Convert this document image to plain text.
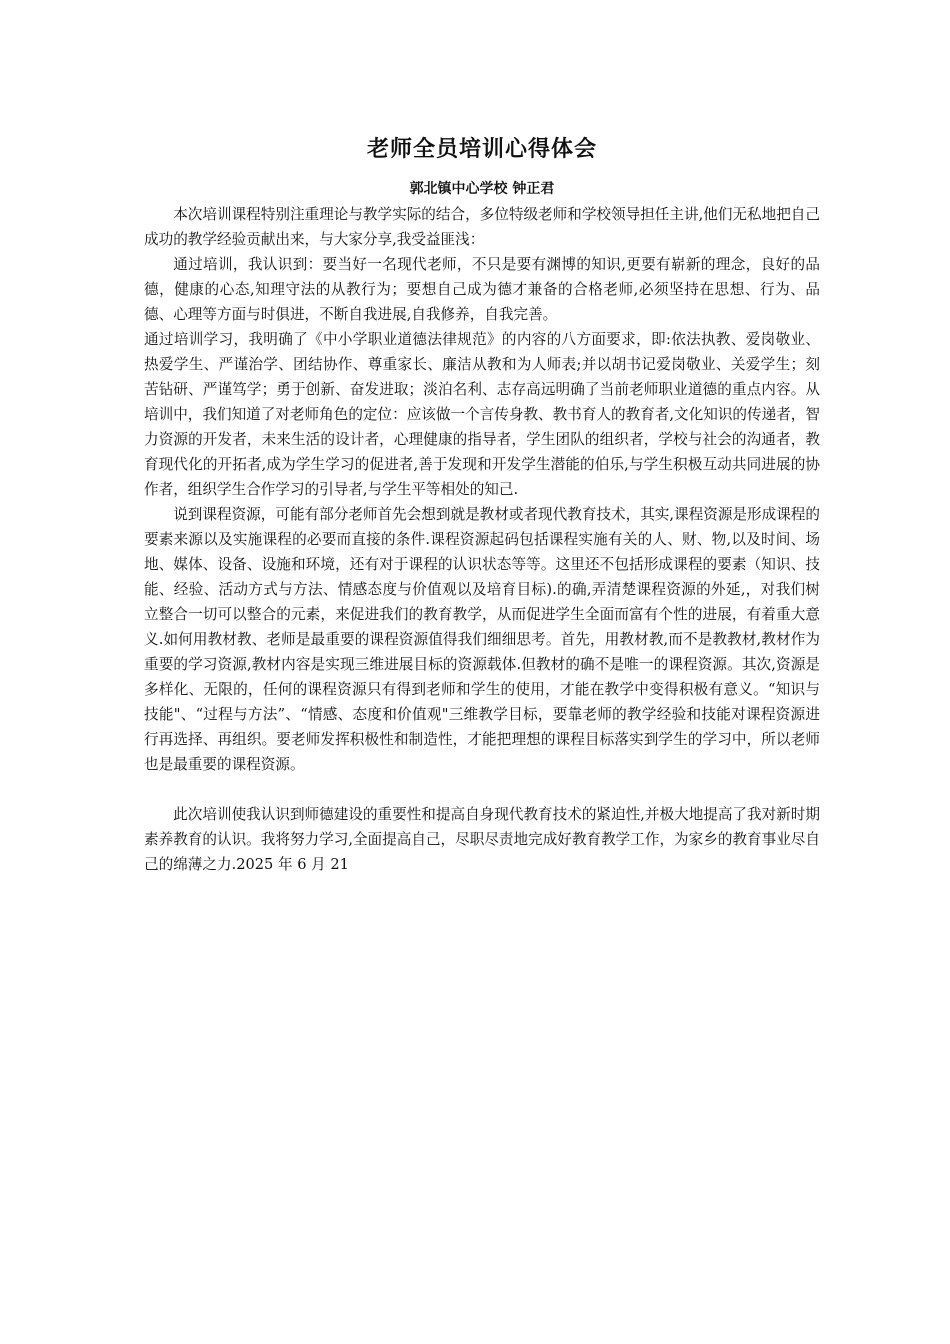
老师全员培训心得体会

郭北镇中心学校 钟正君

本次培训课程特别注重理论与教学实际的结合，多位特级老师和学校领导担任主讲,他们无私地把自己成功的教学经验贡献出来，与大家分享,我受益匪浅：

通过培训，我认识到：要当好一名现代老师，不只是要有渊博的知识,更要有崭新的理念，良好的品德，健康的心态,知理守法的从教行为；要想自己成为德才兼备的合格老师,必须坚持在思想、行为、品德、心理等方面与时俱进，不断自我进展,自我修养，自我完善。

通过培训学习，我明确了《中小学职业道德法律规范》的内容的八方面要求，即:依法执教、爱岗敬业、热爱学生、严谨治学、团结协作、尊重家长、廉洁从教和为人师表;并以胡书记爱岗敬业、关爱学生；刻苦钻研、严谨笃学；勇于创新、奋发进取；淡泊名利、志存高远明确了当前老师职业道德的重点内容。从培训中，我们知道了对老师角色的定位：应该做一个言传身教、教书育人的教育者,文化知识的传递者，智力资源的开发者，未来生活的设计者，心理健康的指导者，学生团队的组织者，学校与社会的沟通者，教育现代化的开拓者,成为学生学习的促进者,善于发现和开发学生潜能的伯乐,与学生积极互动共同进展的协作者，组织学生合作学习的引导者,与学生平等相处的知己.

说到课程资源，可能有部分老师首先会想到就是教材或者现代教育技术，其实,课程资源是形成课程的要素来源以及实施课程的必要而直接的条件.课程资源起码包括课程实施有关的人、财、物,以及时间、场地、媒体、设备、设施和环境，还有对于课程的认识状态等等。这里还不包括形成课程的要素（知识、技能、经验、活动方式与方法、情感态度与价值观以及培育目标).的确,弄清楚课程资源的外延,，对我们树立整合一切可以整合的元素，来促进我们的教育教学，从而促进学生全面而富有个性的进展，有着重大意义.如何用教材教、老师是最重要的课程资源值得我们细细思考。首先，用教材教,而不是教教材,教材作为重要的学习资源,教材内容是实现三维进展目标的资源载体.但教材的确不是唯一的课程资源。其次,资源是多样化、无限的，任何的课程资源只有得到老师和学生的使用，才能在教学中变得积极有意义。“知识与技能"、“过程与方法”、“情感、态度和价值观"三维教学目标，要靠老师的教学经验和技能对课程资源进行再选择、再组织。要老师发挥积极性和制造性，才能把理想的课程目标落实到学生的学习中，所以老师也是最重要的课程资源。

此次培训使我认识到师德建设的重要性和提高自身现代教育技术的紧迫性,并极大地提高了我对新时期素养教育的认识。我将努力学习,全面提高自己，尽职尽责地完成好教育教学工作，为家乡的教育事业尽自己的绵薄之力.2025 年 6 月 21
